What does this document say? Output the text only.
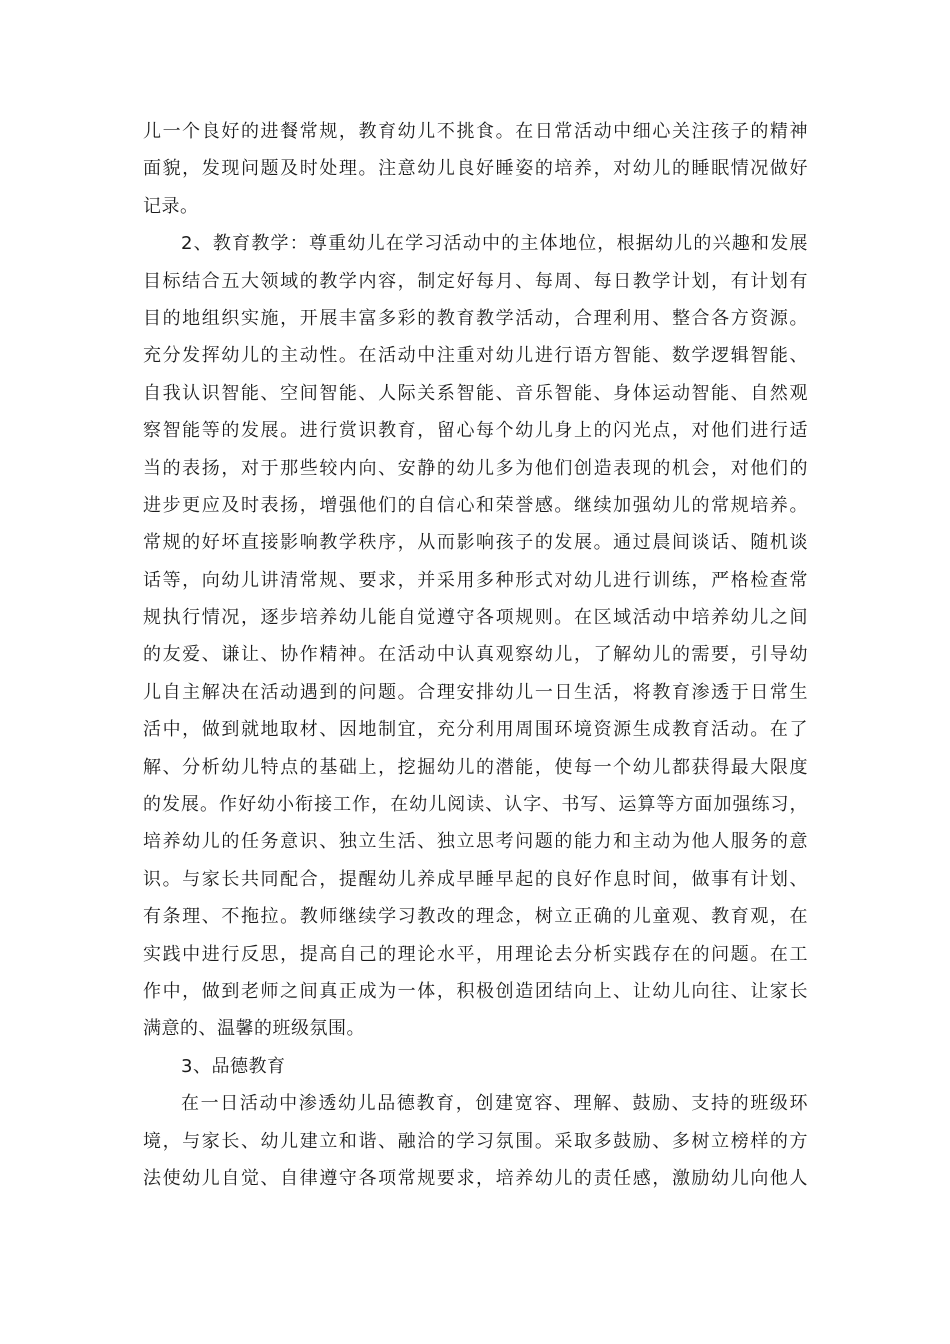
儿一个良好的进餐常规，教育幼儿不挑食。在日常活动中细心关注孩子的精神
面貌，发现问题及时处理。注意幼儿良好睡姿的培养，对幼儿的睡眠情况做好
记录。
2、教育教学：尊重幼儿在学习活动中的主体地位，根据幼儿的兴趣和发展
目标结合五大领域的教学内容，制定好每月、每周、每日教学计划，有计划有
目的地组织实施，开展丰富多彩的教育教学活动，合理利用、整合各方资源。
充分发挥幼儿的主动性。在活动中注重对幼儿进行语方智能、数学逻辑智能、
自我认识智能、空间智能、人际关系智能、音乐智能、身体运动智能、自然观
察智能等的发展。进行赏识教育，留心每个幼儿身上的闪光点，对他们进行适
当的表扬，对于那些较内向、安静的幼儿多为他们创造表现的机会，对他们的
进步更应及时表扬，增强他们的自信心和荣誉感。继续加强幼儿的常规培养。
常规的好坏直接影响教学秩序，从而影响孩子的发展。通过晨间谈话、随机谈
话等，向幼儿讲清常规、要求，并采用多种形式对幼儿进行训练，严格检查常
规执行情况，逐步培养幼儿能自觉遵守各项规则。在区域活动中培养幼儿之间
的友爱、谦让、协作精神。在活动中认真观察幼儿，了解幼儿的需要，引导幼
儿自主解决在活动遇到的问题。合理安排幼儿一日生活，将教育渗透于日常生
活中，做到就地取材、因地制宜，充分利用周围环境资源生成教育活动。在了
解、分析幼儿特点的基础上，挖掘幼儿的潜能，使每一个幼儿都获得最大限度
的发展。作好幼小衔接工作，在幼儿阅读、认字、书写、运算等方面加强练习，
培养幼儿的任务意识、独立生活、独立思考问题的能力和主动为他人服务的意
识。与家长共同配合，提醒幼儿养成早睡早起的良好作息时间，做事有计划、
有条理、不拖拉。教师继续学习教改的理念，树立正确的儿童观、教育观，在
实践中进行反思，提高自己的理论水平，用理论去分析实践存在的问题。在工
作中，做到老师之间真正成为一体，积极创造团结向上、让幼儿向往、让家长
满意的、温馨的班级氛围。
3、品德教育
在一日活动中渗透幼儿品德教育，创建宽容、理解、鼓励、支持的班级环
境，与家长、幼儿建立和谐、融洽的学习氛围。采取多鼓励、多树立榜样的方
法使幼儿自觉、自律遵守各项常规要求，培养幼儿的责任感，激励幼儿向他人
